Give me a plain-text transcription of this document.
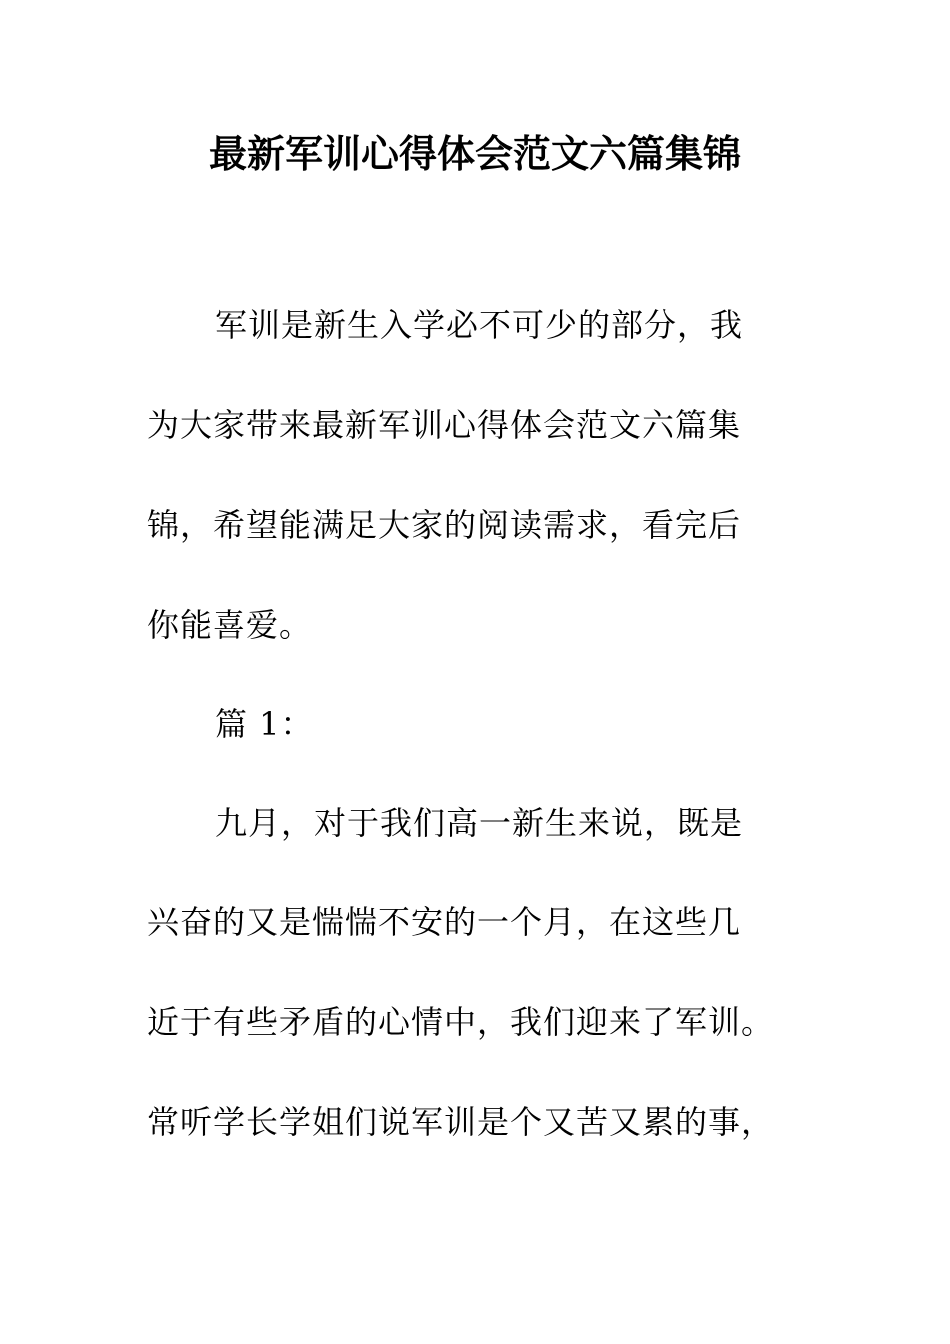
最新军训心得体会范文六篇集锦
军训是新生入学必不可少的部分，我
为大家带来最新军训心得体会范文六篇集
锦，希望能满足大家的阅读需求，看完后
你能喜爱。
篇 1：
九月，对于我们高一新生来说，既是
兴奋的又是惴惴不安的一个月，在这些几
近于有些矛盾的心情中，我们迎来了军训。
常听学长学姐们说军训是个又苦又累的事，
